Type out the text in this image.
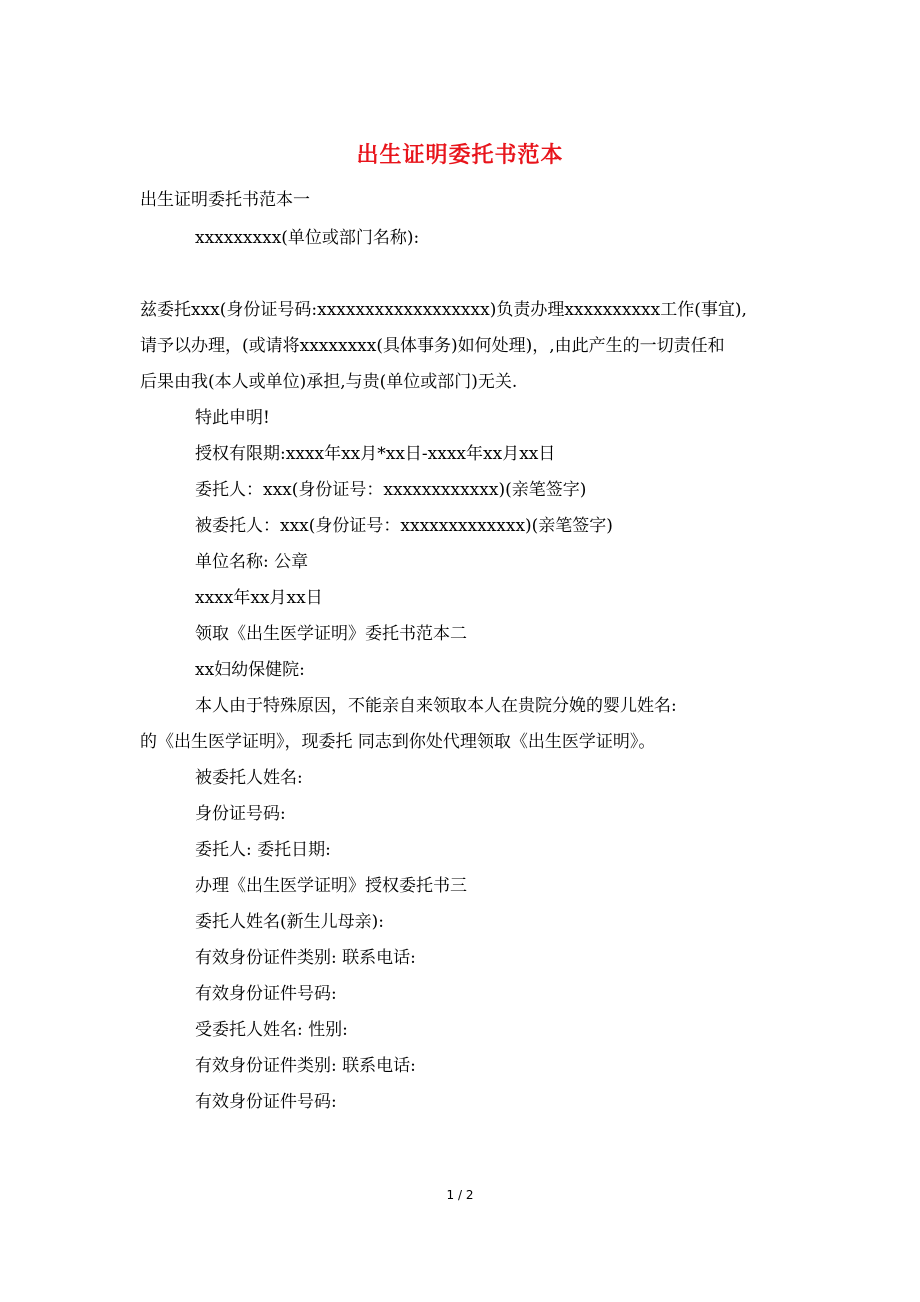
出生证明委托书范本
出生证明委托书范本一
xxxxxxxxx(单位或部门名称):
兹委托xxx(身份证号码:xxxxxxxxxxxxxxxxxx)负责办理xxxxxxxxxx工作(事宜),
请予以办理，(或请将xxxxxxxx(具体事务)如何处理)，,由此产生的一切责任和
后果由我(本人或单位)承担,与贵(单位或部门)无关.
特此申明!
授权有限期:xxxx年xx月*xx日-xxxx年xx月xx日
委托人：xxx(身份证号：xxxxxxxxxxxx)(亲笔签字)
被委托人：xxx(身份证号：xxxxxxxxxxxxx)(亲笔签字)
单位名称: 公章
xxxx年xx月xx日
领取《出生医学证明》委托书范本二
xx妇幼保健院:
本人由于特殊原因，不能亲自来领取本人在贵院分娩的婴儿姓名:
的《出生医学证明》，现委托 同志到你处代理领取《出生医学证明》。
被委托人姓名:
身份证号码:
委托人: 委托日期:
办理《出生医学证明》授权委托书三
委托人姓名(新生儿母亲):
有效身份证件类别: 联系电话:
有效身份证件号码:
受委托人姓名: 性别:
有效身份证件类别: 联系电话:
有效身份证件号码:
1 / 2
